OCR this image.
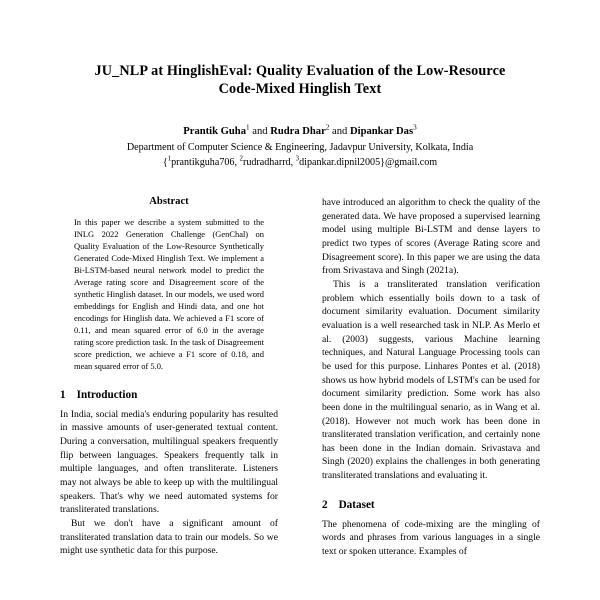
JU_NLP at HinglishEval: Quality Evaluation of the Low-Resource
Code-Mixed Hinglish Text

Prantik Guha$^1$ and Rudra Dhar$^2$ and Dipankar Das$^3$

Department of Computer Science & Engineering, Jadavpur University, Kolkata, India

{$^1$prantikguha706, $^2$rudradharrd, $^3$dipankar.dipnil2005}@gmail.com

Abstract

In this paper we describe a system submitted to the INLG 2022 Generation Challenge (GenChal) on Quality Evaluation of the Low-Resource Synthetically Generated Code-Mixed Hinglish Text. We implement a Bi-LSTM-based neural network model to predict the Average rating score and Disagreement score of the synthetic Hinglish dataset. In our models, we used word embeddings for English and Hindi data, and one hot encodings for Hinglish data. We achieved a F1 score of 0.11, and mean squared error of 6.0 in the average rating score prediction task. In the task of Disagreement score prediction, we achieve a F1 score of 0.18, and mean squared error of 5.0.

1 Introduction

In India, social media's enduring popularity has resulted in massive amounts of user-generated textual content. During a conversation, multilingual speakers frequently flip between languages. Speakers frequently talk in multiple languages, and often transliterate. Listeners may not always be able to keep up with the multilingual speakers. That's why we need automated systems for transliterated translations.

But we don't have a significant amount of transliterated translation data to train our models. So we might use synthetic data for this purpose.

have introduced an algorithm to check the quality of the generated data. We have proposed a supervised learning model using multiple Bi-LSTM and dense layers to predict two types of scores (Average Rating score and Disagreement score). In this paper we are using the data from Srivastava and Singh (2021a).

This is a transliterated translation verification problem which essentially boils down to a task of document similarity evaluation. Document similarity evaluation is a well researched task in NLP. As Merlo et al. (2003) suggests, various Machine learning techniques, and Natural Language Processing tools can be used for this purpose. Linhares Pontes et al. (2018) shows us how hybrid models of LSTM's can be used for document similarity prediction. Some work has also been done in the multilingual senario, as in Wang et al. (2018). However not much work has been done in transliterated translation verification, and certainly none has been done in the Indian domain. Srivastava and Singh (2020) explains the challenges in both generating transliterated translations and evaluating it.

2 Dataset

The phenomena of code-mixing are the mingling of words and phrases from various languages in a single text or spoken utterance. Examples of
